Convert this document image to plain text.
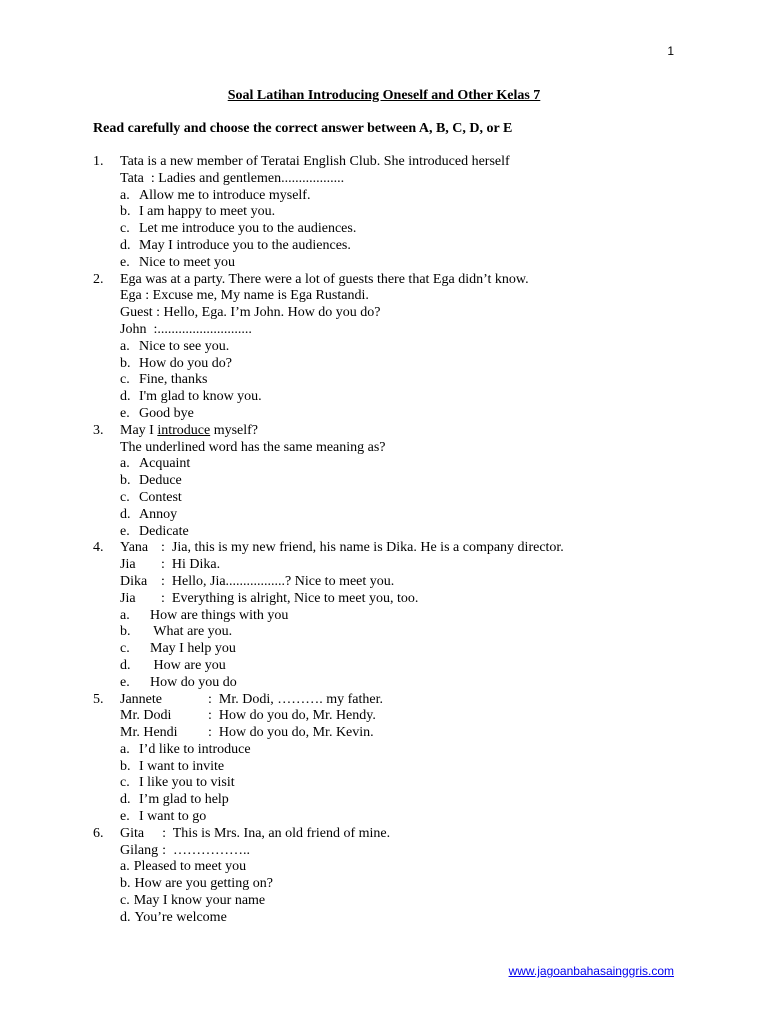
1
Soal Latihan Introducing Oneself and Other Kelas 7
Read carefully and choose the correct answer between A, B, C, D, or E
1. Tata is a new member of Teratai English Club. She introduced herself
Tata  : Ladies and gentlemen..................
a. Allow me to introduce myself.
b. I am happy to meet you.
c. Let me introduce you to the audiences.
d. May I introduce you to the audiences.
e. Nice to meet you
2. Ega was at a party. There were a lot of guests there that Ega didn’t know.
Ega : Excuse me, My name is Ega Rustandi.
Guest : Hello, Ega. I’m John. How do you do?
John  :...........................
a. Nice to see you.
b. How do you do?
c. Fine, thanks
d. I'm glad to know you.
e. Good bye
3. May I introduce myself?
The underlined word has the same meaning as?
a. Acquaint
b. Deduce
c. Contest
d. Annoy
e. Dedicate
4. Yana :  Jia, this is my new friend, his name is Dika. He is a company director.
Jia :  Hi Dika.
Dika :  Hello, Jia.................? Nice to meet you.
Jia :  Everything is alright, Nice to meet you, too.
a. How are things with you
b. What are you.
c. May I help you
d. How are you
e. How do you do
5. Jannete	:  Mr. Dodi, ………. my father.
Mr. Dodi	:  How do you do, Mr. Hendy.
Mr. Hendi :  How do you do, Mr. Kevin.
a. I’d like to introduce
b. I want to invite
c. I like you to visit
d. I’m glad to help
e. I want to go
6. Gita    :  This is Mrs. Ina, an old friend of mine.
Gilang :  ……………..
a. Pleased to meet you
b. How are you getting on?
c. May I know your name
d. You’re welcome
www.jagoanbahasainggris.com
